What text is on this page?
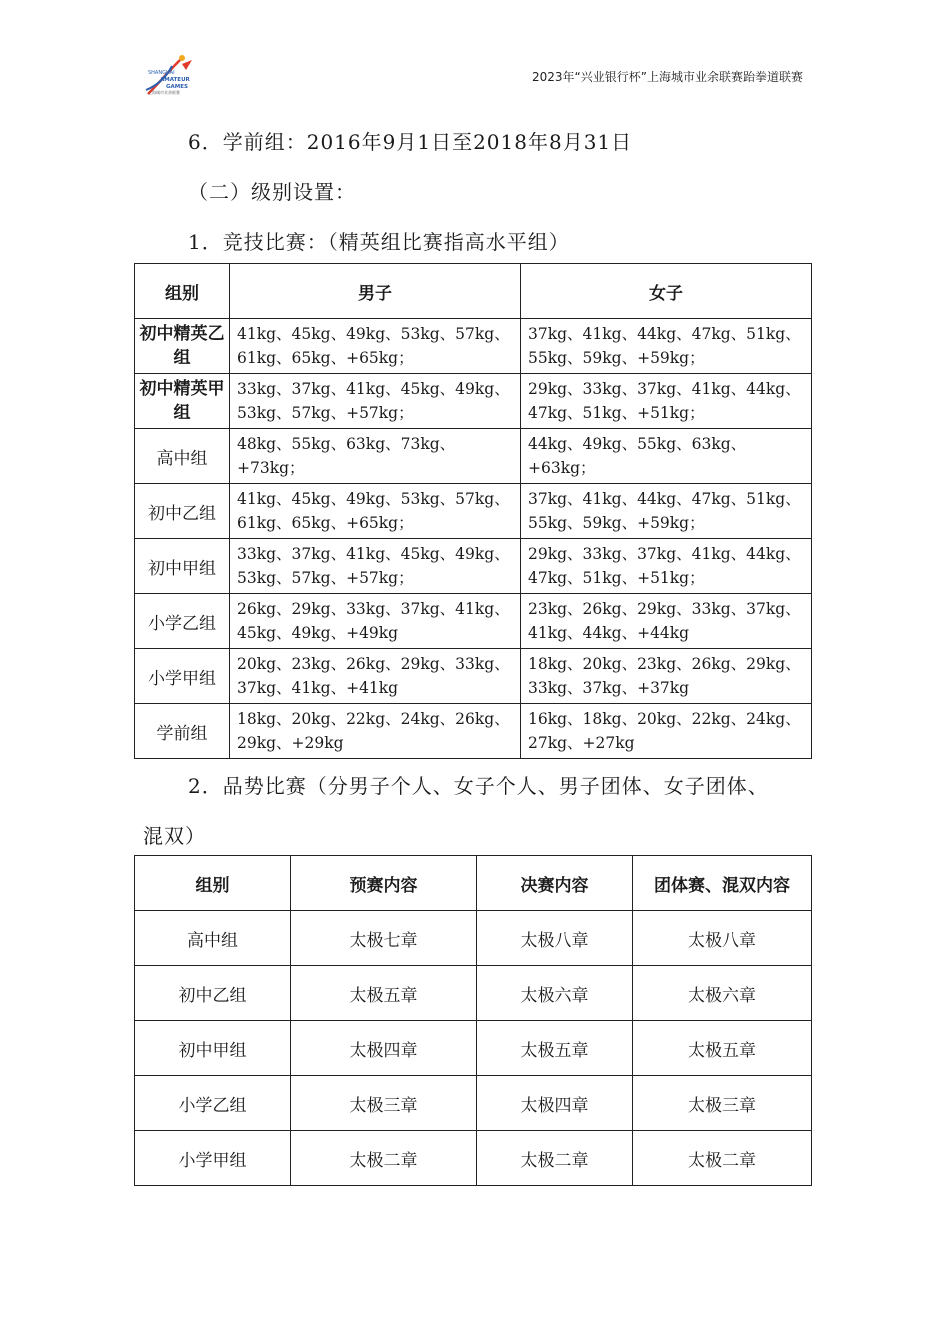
SHANGHAI
AMATEUR
GAMES
上海城市业余联赛
2023年“兴业银行杯”上海城市业余联赛跆拳道联赛
6．学前组：2016年9月1日至2018年8月31日
（二）级别设置：
1．竞技比赛：（精英组比赛指高水平组）
组别	男子	女子
初中精英乙组	41kg、45kg、49kg、53kg、57kg、61kg、65kg、+65kg；	37kg、41kg、44kg、47kg、51kg、55kg、59kg、+59kg；
初中精英甲组	33kg、37kg、41kg、45kg、49kg、53kg、57kg、+57kg；	29kg、33kg、37kg、41kg、44kg、47kg、51kg、+51kg；
高中组	48kg、55kg、63kg、73kg、+73kg；	44kg、49kg、55kg、63kg、+63kg；
初中乙组	41kg、45kg、49kg、53kg、57kg、61kg、65kg、+65kg；	37kg、41kg、44kg、47kg、51kg、55kg、59kg、+59kg；
初中甲组	33kg、37kg、41kg、45kg、49kg、53kg、57kg、+57kg；	29kg、33kg、37kg、41kg、44kg、47kg、51kg、+51kg；
小学乙组	26kg、29kg、33kg、37kg、41kg、45kg、49kg、+49kg	23kg、26kg、29kg、33kg、37kg、41kg、44kg、+44kg
小学甲组	20kg、23kg、26kg、29kg、33kg、37kg、41kg、+41kg	18kg、20kg、23kg、26kg、29kg、33kg、37kg、+37kg
学前组	18kg、20kg、22kg、24kg、26kg、29kg、+29kg	16kg、18kg、20kg、22kg、24kg、27kg、+27kg
2．品势比赛（分男子个人、女子个人、男子团体、女子团体、
混双）
组别	预赛内容	决赛内容	团体赛、混双内容
高中组	太极七章	太极八章	太极八章
初中乙组	太极五章	太极六章	太极六章
初中甲组	太极四章	太极五章	太极五章
小学乙组	太极三章	太极四章	太极三章
小学甲组	太极二章	太极二章	太极二章
